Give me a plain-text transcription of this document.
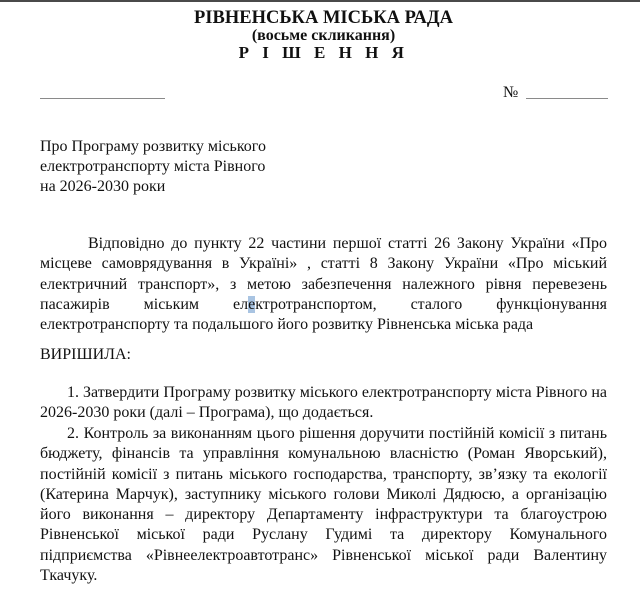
РІВНЕНСЬКА МІСЬКА РАДА
(восьме скликання)
Р І Ш Е Н Н Я
№
Про Програму розвитку міського
електротранспорту міста Рівного
на 2026-2030 роки

Відповідно до пункту 22 частини першої статті 26 Закону України «Про місцеве самоврядування в Україні» , статті 8 Закону України «Про міський електричний транспорт», з метою забезпечення належного рівня перевезень пасажирів міським електротранспортом, сталого функціонування електротранспорту та подальшого його розвитку Рівненська міська рада

ВИРІШИЛА:

1. Затвердити Програму розвитку міського електротранспорту міста Рівного на 2026-2030 роки (далі – Програма), що додається.

2. Контроль за виконанням цього рішення доручити постійній комісії з питань бюджету, фінансів та управління комунальною власністю (Роман Яворський), постійній комісії з питань міського господарства, транспорту, зв’язку та екології (Катерина Марчук), заступнику міського голови Миколі Дядюсю, а організацію його виконання – директору Департаменту інфраструктури та благоустрою Рівненської міської ради Руслану Гудимі та директору Комунального підприємства «Рівнеелектроавтотранс» Рівненської міської ради Валентину Ткачуку.
